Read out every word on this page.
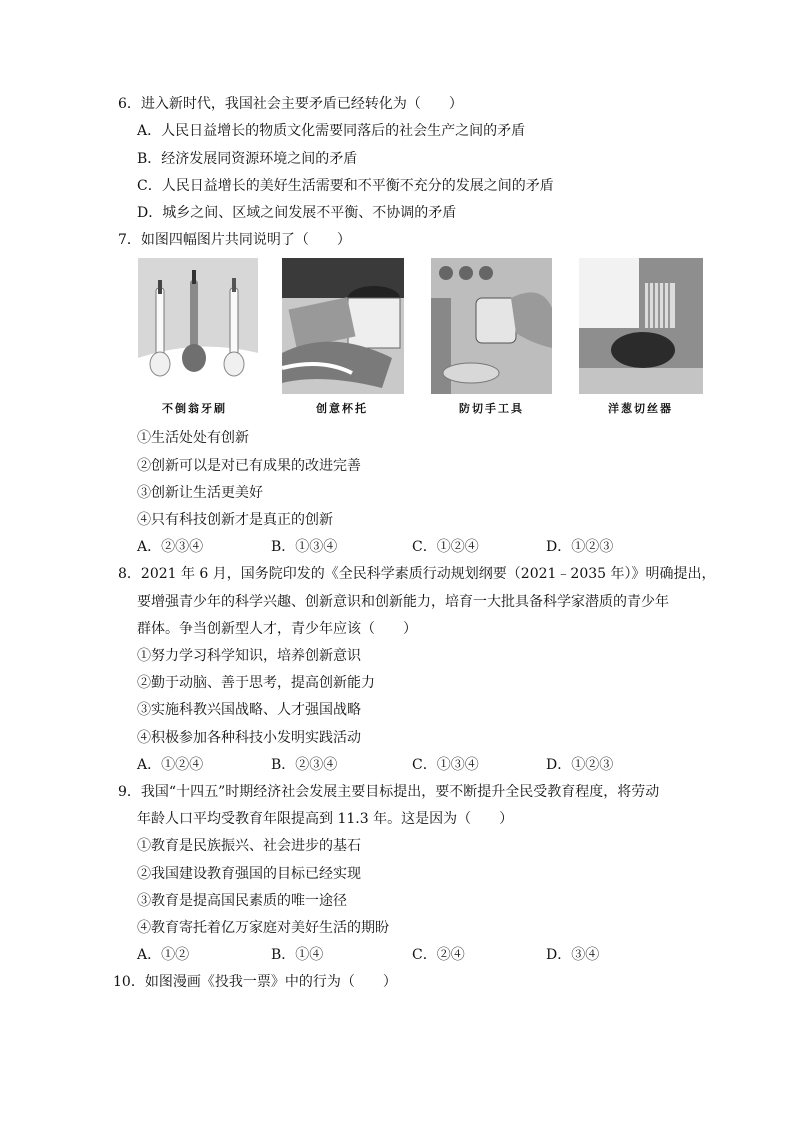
6．进入新时代，我国社会主要矛盾已经转化为（　　）
A．人民日益增长的物质文化需要同落后的社会生产之间的矛盾
B．经济发展同资源环境之间的矛盾
C．人民日益增长的美好生活需要和不平衡不充分的发展之间的矛盾
D．城乡之间、区域之间发展不平衡、不协调的矛盾
7．如图四幅图片共同说明了（　　）
不倒翁牙刷	创意杯托	防切手工具	洋葱切丝器
①生活处处有创新
②创新可以是对已有成果的改进完善
③创新让生活更美好
④只有科技创新才是真正的创新
A．②③④	B．①③④	C．①②④	D．①②③
8．2021 年 6 月，国务院印发的《全民科学素质行动规划纲要（2021﹣2035 年）》明确提出，
要增强青少年的科学兴趣、创新意识和创新能力，培育一大批具备科学家潜质的青少年
群体。争当创新型人才，青少年应该（　　）
①努力学习科学知识，培养创新意识
②勤于动脑、善于思考，提高创新能力
③实施科教兴国战略、人才强国战略
④积极参加各种科技小发明实践活动
A．①②④	B．②③④	C．①③④	D．①②③
9．我国“十四五”时期经济社会发展主要目标提出，要不断提升全民受教育程度，将劳动
年龄人口平均受教育年限提高到 11.3 年。这是因为（　　）
①教育是民族振兴、社会进步的基石
②我国建设教育强国的目标已经实现
③教育是提高国民素质的唯一途径
④教育寄托着亿万家庭对美好生活的期盼
A．①②	B．①④	C．②④	D．③④
10．如图漫画《投我一票》中的行为（　　）
